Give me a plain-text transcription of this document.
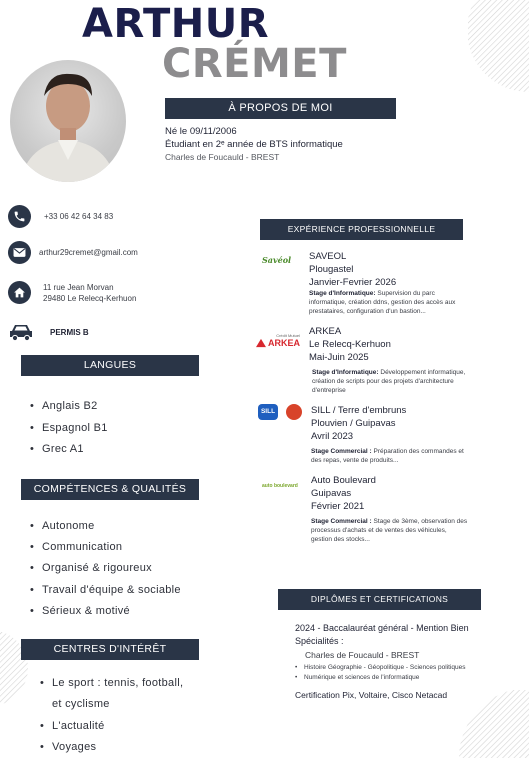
ARTHUR
CRÉMET
À PROPOS DE MOI
Né le 09/11/2006
Étudiant en 2ᵉ année de BTS informatique
Charles de Foucauld - BREST
+33 06 42 64 34 83
arthur29cremet@gmail.com
11 rue Jean Morvan
29480 Le Relecq-Kerhuon
PERMIS B
LANGUES
• Anglais B2
• Espagnol B1
• Grec A1
COMPÉTENCES & QUALITÉS
• Autonome
• Communication
• Organisé & rigoureux
• Travail d'équipe & sociable
• Sérieux & motivé
CENTRES D'INTÉRÊT
• Le sport : tennis, football,
et cyclisme
• L'actualité
• Voyages
EXPÉRIENCE PROFESSIONNELLE
Savéol SAVEOL
Plougastel
Janvier-Fevrier 2026
Stage d'Informatique: Supervision du parc informatique, création ddns, gestion des accès aux prestataires, configuration d'un bastion...
Crédit Mutuel
ARKEA
ARKEA
Le Relecq-Kerhuon
Mai-Juin 2025
Stage d'Informatique: Développement informatique, création de scripts pour des projets d'architecture d'entreprise
SILL	SILL / Terre d'embruns
Plouvien / Guipavas
Avril 2023
Stage Commercial : Préparation des commandes et des repas, vente de produits...
auto boulevard Auto Boulevard
Guipavas
Février 2021
Stage Commercial : Stage de 3ème, observation des processus d'achats et de ventes des véhicules, gestion des stocks...
DIPLÔMES ET CERTIFICATIONS
2024 - Baccalauréat général - Mention Bien
Spécialités :
Charles de Foucauld - BREST
• Histoire Géographie - Géopolitique - Sciences politiques
• Numérique et sciences de l'informatique
Certification Pix, Voltaire, Cisco Netacad
